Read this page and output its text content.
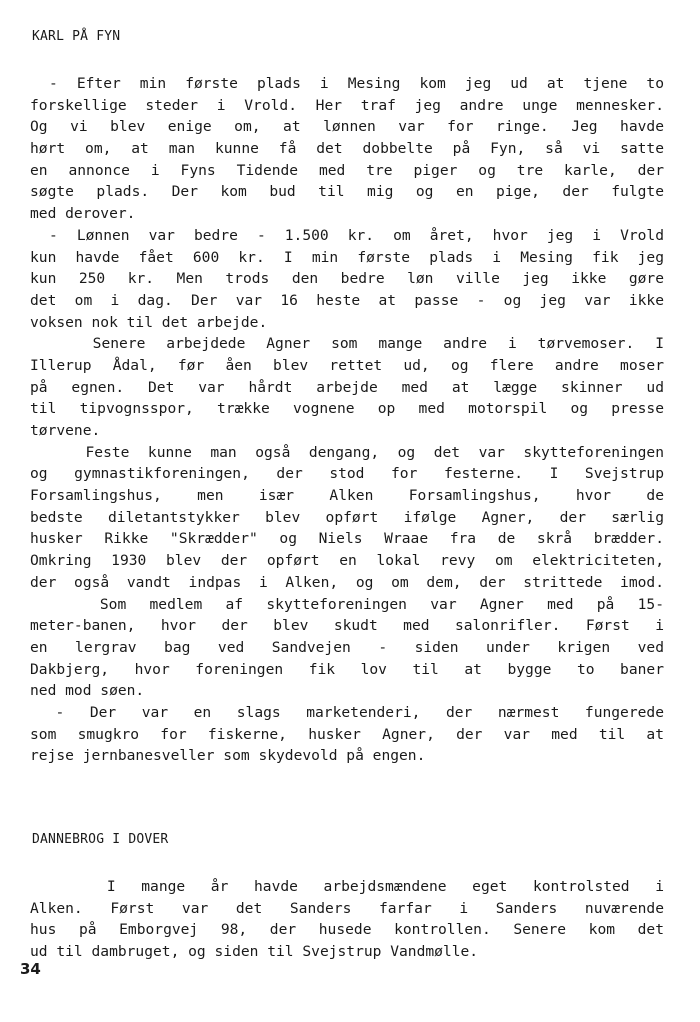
KARL PÅ FYN
- Efter min første plads i Mesing kom jeg ud at tjene to
forskellige steder i Vrold. Her traf jeg andre unge mennesker.
Og vi blev enige om, at lønnen var for ringe. Jeg havde
hørt om, at man kunne få det dobbelte på Fyn, så vi satte
en annonce i Fyns Tidende med tre piger og tre karle, der
søgte plads. Der kom bud til mig og en pige, der fulgte
med derover.
- Lønnen var bedre - 1.500 kr. om året, hvor jeg i Vrold
kun havde fået 600 kr. I min første plads i Mesing fik jeg
kun 250 kr. Men trods den bedre løn ville jeg ikke gøre
det om i dag. Der var 16 heste at passe - og jeg var ikke
voksen nok til det arbejde.
Senere arbejdede Agner som mange andre i tørvemoser. I
Illerup Ådal, før åen blev rettet ud, og flere andre moser
på egnen. Det var hårdt arbejde med at lægge skinner ud
til tipvognsspor, trække vognene op med motorspil og presse
tørvene.
Feste kunne man også dengang, og det var skytteforeningen
og gymnastikforeningen, der stod for festerne. I Svejstrup
Forsamlingshus, men især Alken Forsamlingshus, hvor de
bedste diletantstykker blev opført ifølge Agner, der særlig
husker Rikke "Skrædder" og Niels Wraae fra de skrå brædder.
Omkring 1930 blev der opført en lokal revy om elektriciteten,
der også vandt indpas i Alken, og om dem, der strittede imod.
Som medlem af skytteforeningen var Agner med på 15-
meter-banen, hvor der blev skudt med salonrifler. Først i
en lergrav bag ved Sandvejen - siden under krigen ved
Dakbjerg, hvor foreningen fik lov til at bygge to baner
ned mod søen.
- Der var en slags marketenderi, der nærmest fungerede
som smugkro for fiskerne, husker Agner, der var med til at
rejse jernbanesveller som skydevold på engen.
DANNEBROG I DOVER
I mange år havde arbejdsmændene eget kontrolsted i
Alken. Først var det Sanders farfar i Sanders nuværende
hus på Emborgvej 98, der husede kontrollen. Senere kom det
ud til dambruget, og siden til Svejstrup Vandmølle.
34
